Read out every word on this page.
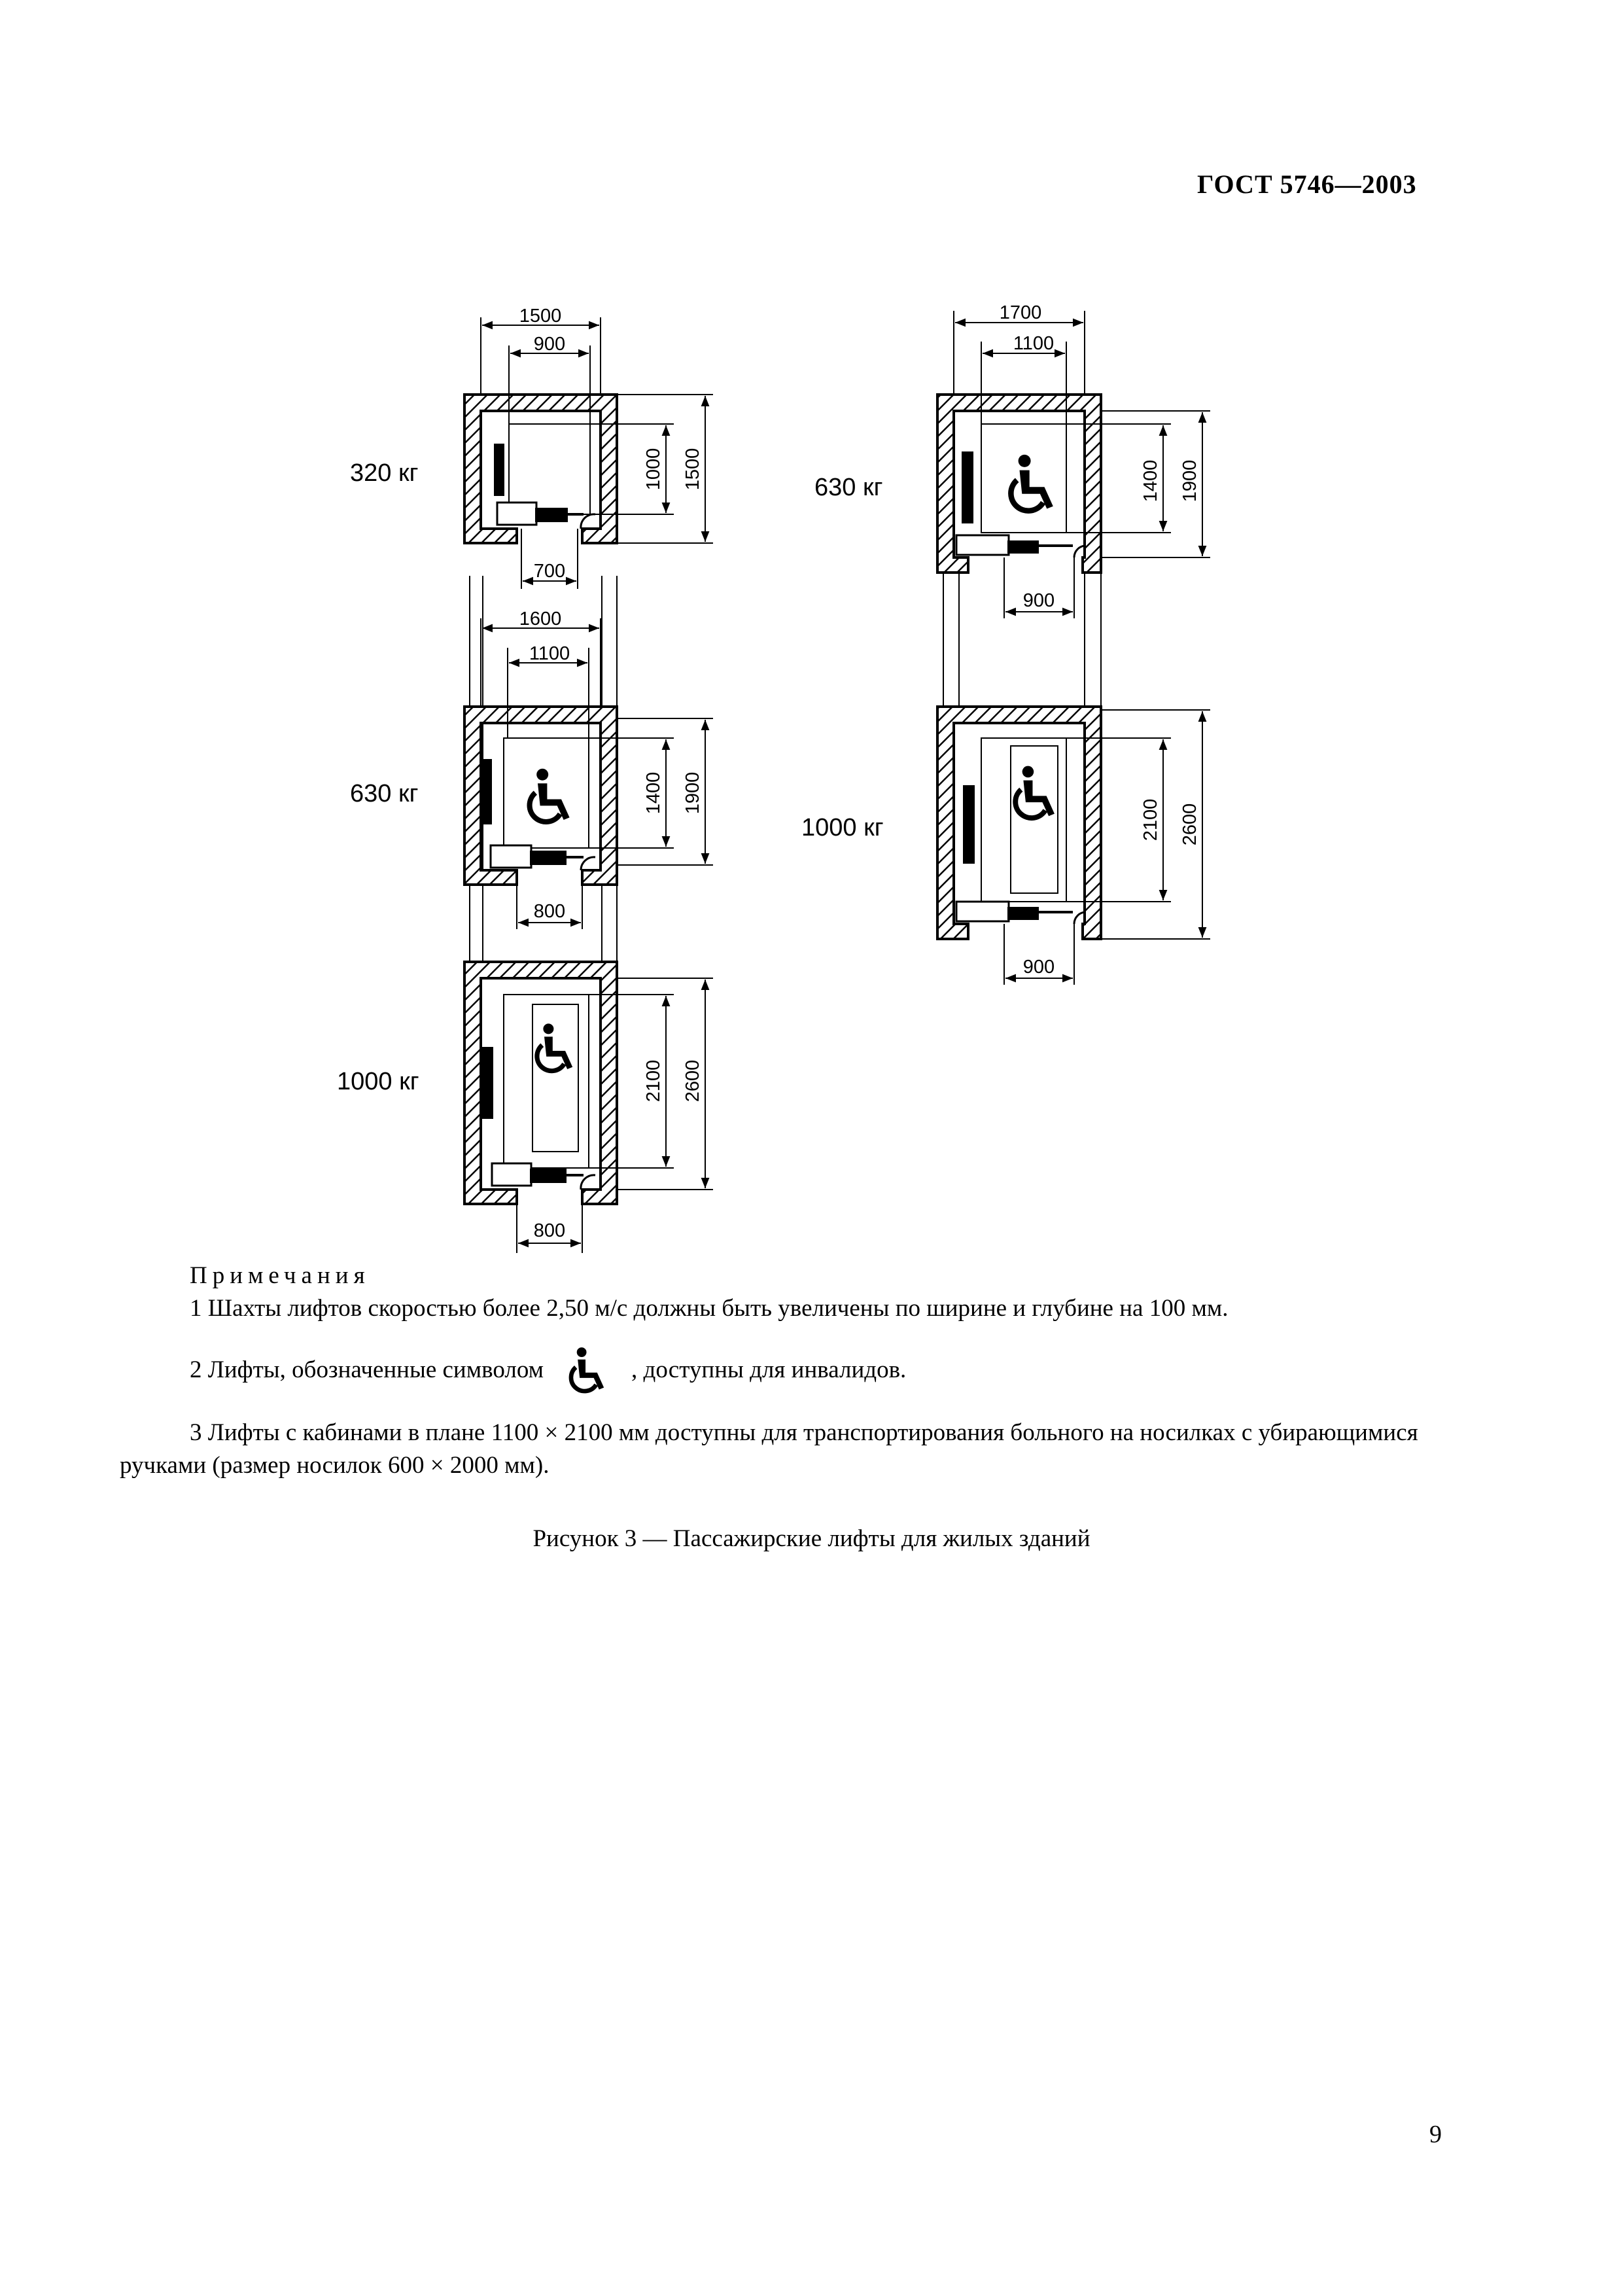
ГОСТ 5746—2003
1500
900
1000 1500
700
320 кг
1600
1100
1400 1900
800
630 кг
2100 2600
800
1000 кг
1700
1100
1400 1900
900
630 кг
2100 2600
900
1000 кг
Примечания
1 Шахты лифтов скоростью более 2,50 м/с должны быть увеличены по ширине и глубине на 100 мм.
2 Лифты, обозначенные символом	, доступны для инвалидов.
3 Лифты с кабинами в плане 1100 × 2100 мм доступны для транспортирования больного на носилках с убирающимися ручками (размер носилок 600 × 2000 мм).
Рисунок 3 — Пассажирские лифты для жилых зданий
9
